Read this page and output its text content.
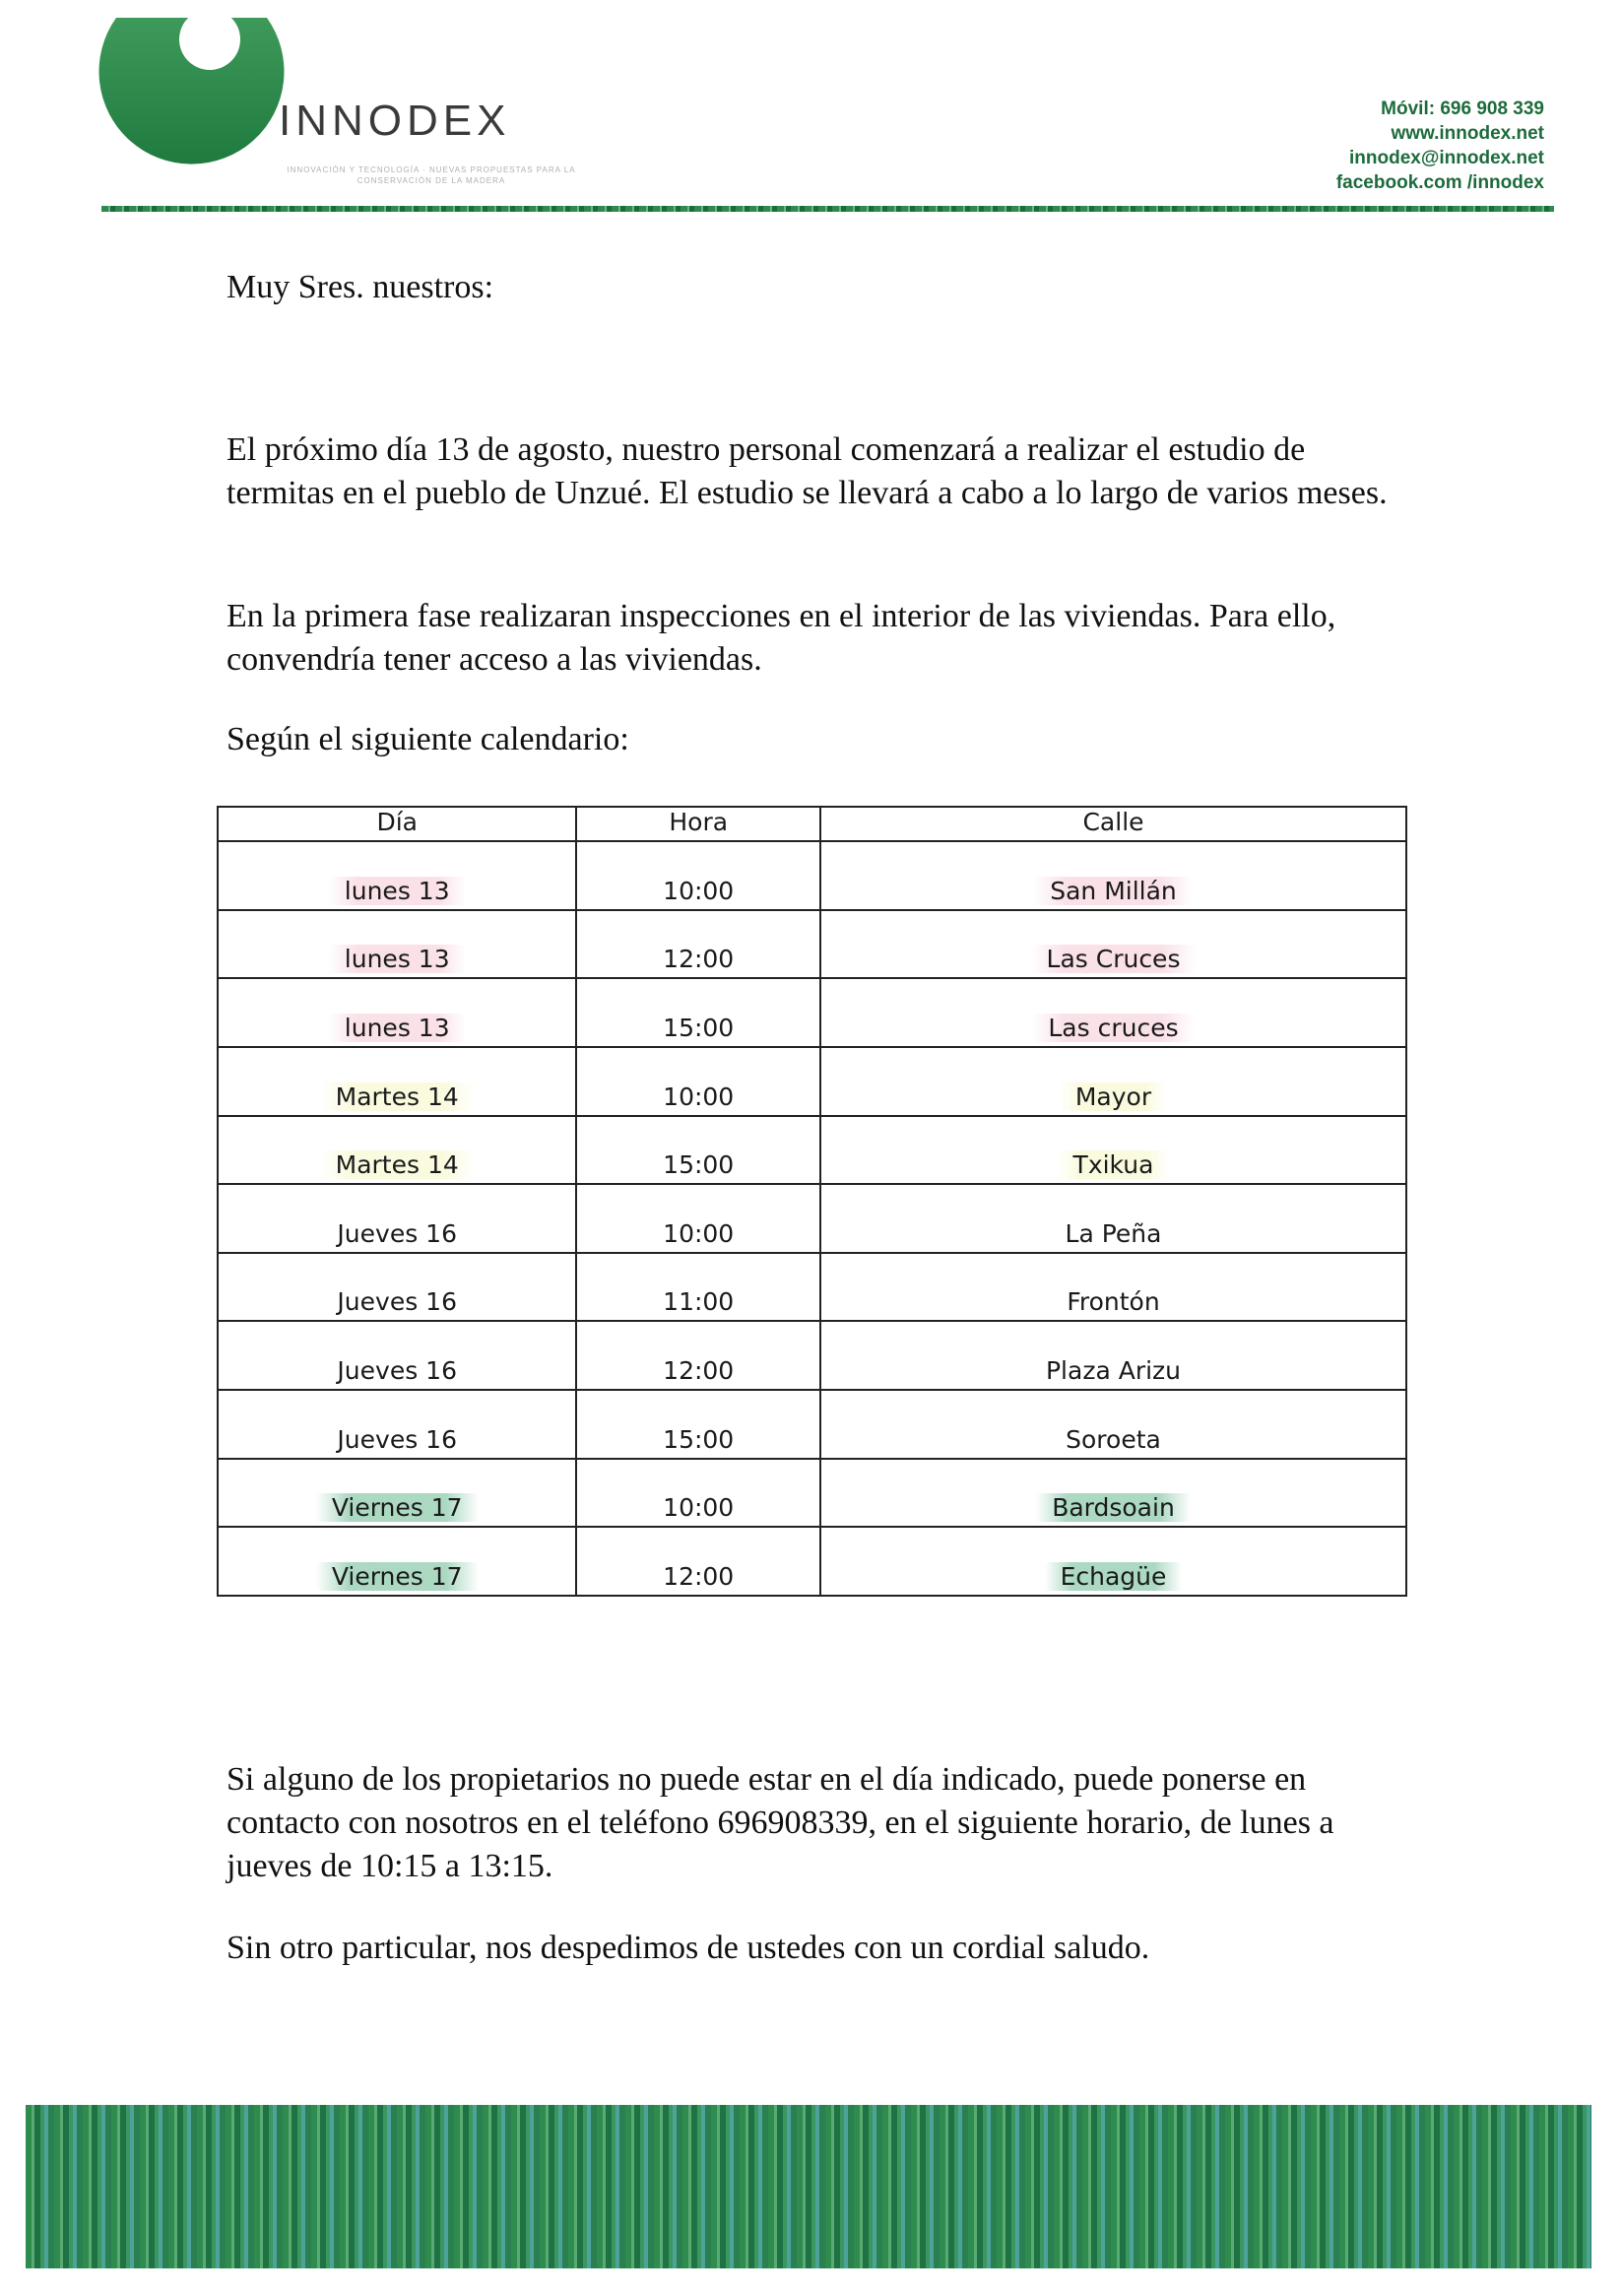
INNODEX
INNOVACIÓN Y TECNOLOGÍA · NUEVAS PROPUESTAS PARA LA CONSERVACIÓN DE LA MADERA
Móvil: 696 908 339
www.innodex.net
innodex@innodex.net
facebook.com /innodex

Muy Sres. nuestros:

El próximo día 13 de agosto, nuestro personal comenzará a realizar el estudio de termitas en el pueblo de Unzué. El estudio se llevará a cabo a lo largo de varios meses.

En la primera fase realizaran inspecciones en el interior de las viviendas. Para ello, convendría tener acceso a las viviendas.

Según el siguiente calendario:

Día	Hora	Calle
lunes 13	10:00	San Millán
lunes 13	12:00	Las Cruces
lunes 13	15:00	Las cruces
Martes 14	10:00	Mayor
Martes 14	15:00	Txikua
Jueves 16	10:00	La Peña
Jueves 16	11:00	Frontón
Jueves 16	12:00	Plaza Arizu
Jueves 16	15:00	Soroeta
Viernes 17	10:00	Bardsoain
Viernes 17	12:00	Echagüe

Si alguno de los propietarios no puede estar en el día indicado, puede ponerse en contacto con nosotros en el teléfono 696908339, en el siguiente horario, de lunes a jueves de 10:15 a 13:15.

Sin otro particular, nos despedimos de ustedes con un cordial saludo.
